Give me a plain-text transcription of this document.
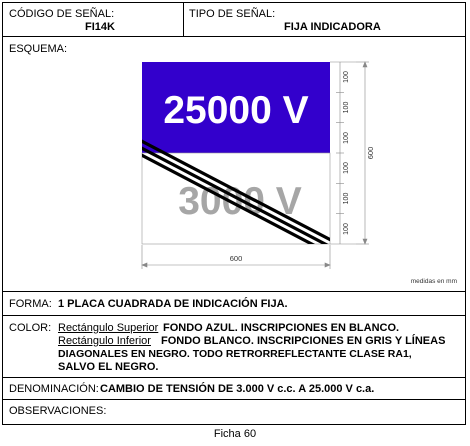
CÓDIGO DE SEÑAL:
FI14K
TIPO DE SEÑAL:
FIJA INDICADORA
ESQUEMA:
25000 V
3000 V
600
100
100
100
100
100
100
600
medidas en mm
FORMA: 1 PLACA CUADRADA DE INDICACIÓN FIJA.
COLOR: Rectángulo Superior FONDO AZUL. INSCRIPCIONES EN BLANCO.
Rectángulo Inferior FONDO BLANCO. INSCRIPCIONES EN GRIS Y LÍNEAS
DIAGONALES EN NEGRO. TODO RETRORREFLECTANTE CLASE RA1,
SALVO EL NEGRO.
DENOMINACIÓN: CAMBIO DE TENSIÓN DE 3.000 V c.c. A 25.000 V c.a.
OBSERVACIONES:
Ficha 60
